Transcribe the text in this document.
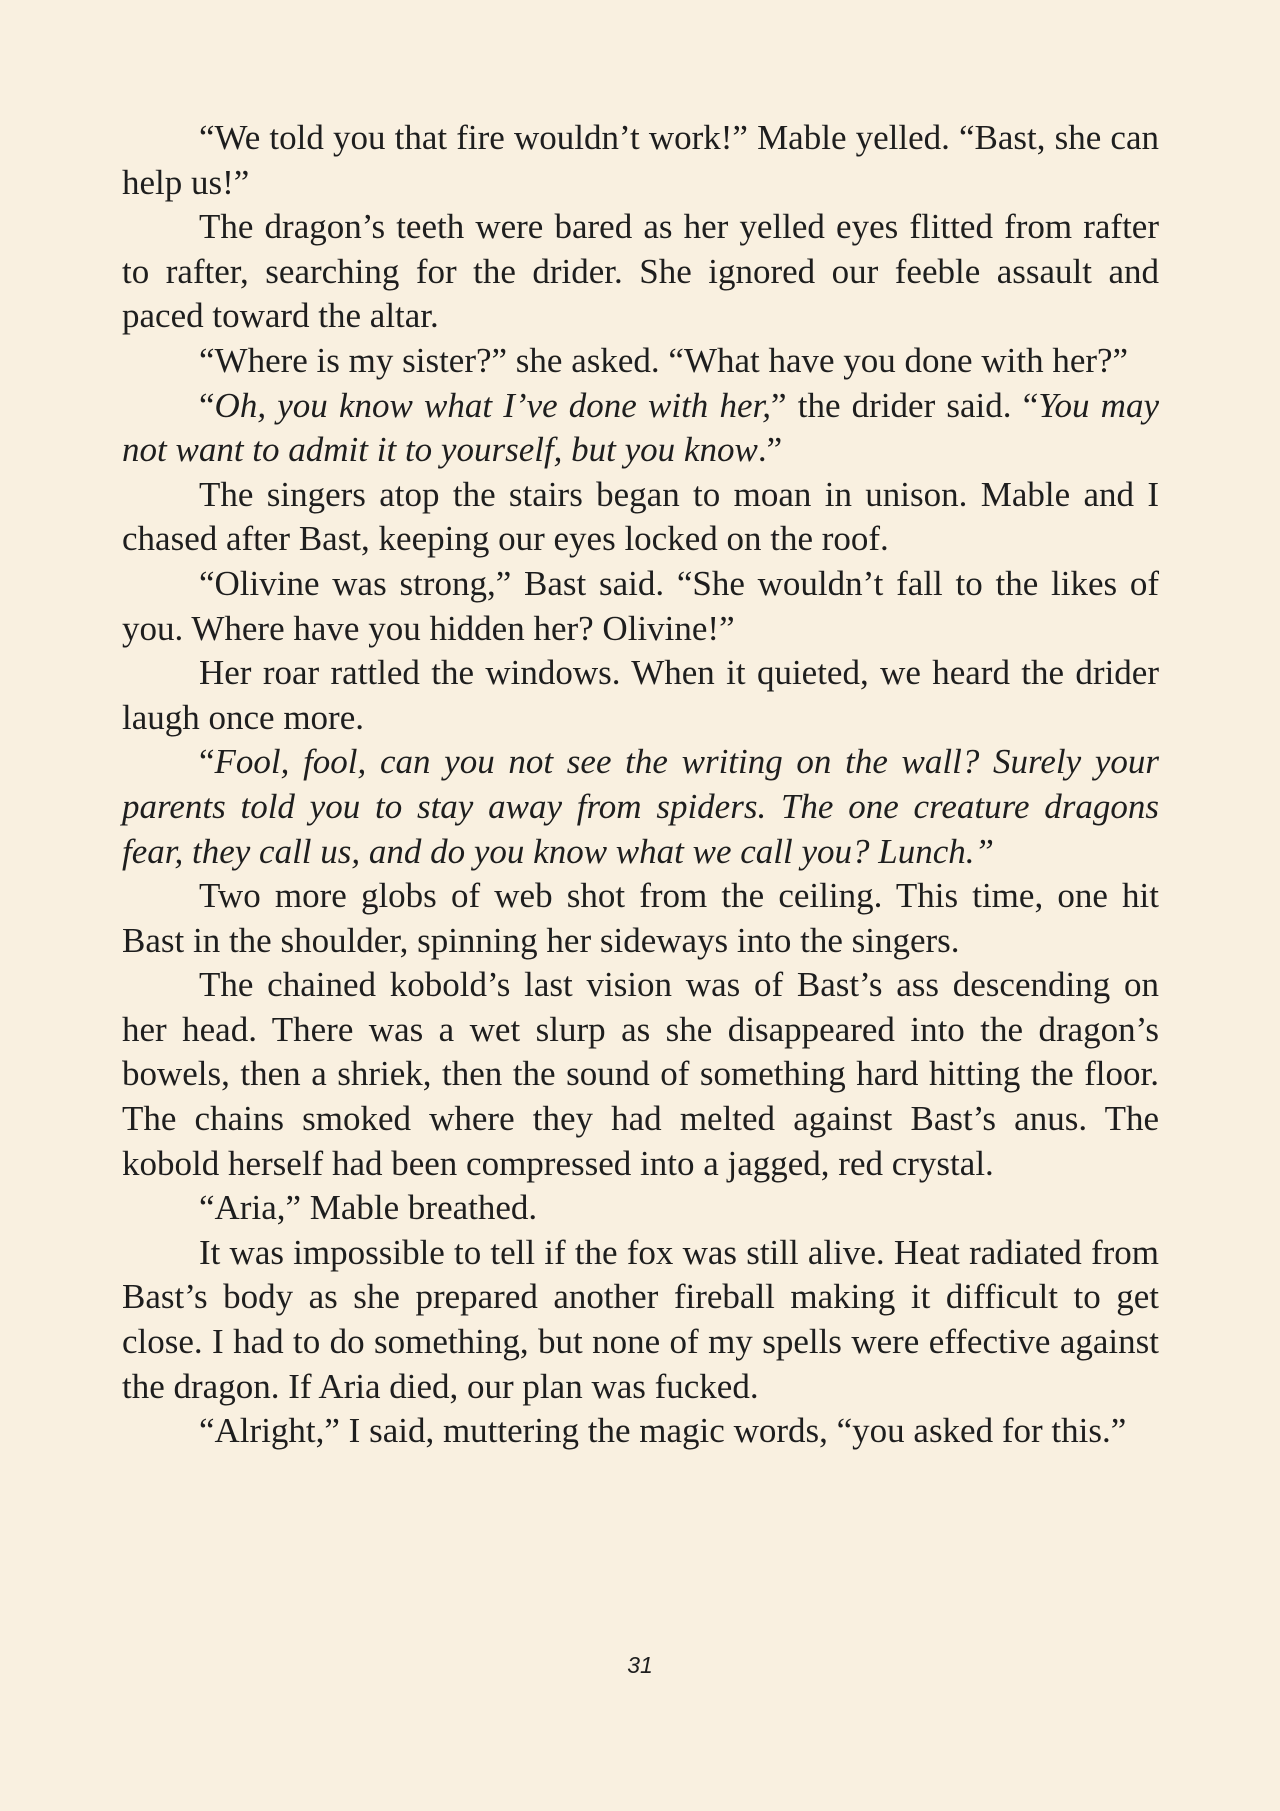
“We told you that fire wouldn’t work!” Mable yelled. “Bast, she can help us!”

The dragon’s teeth were bared as her yelled eyes flitted from rafter to rafter, searching for the drider. She ignored our feeble assault and paced toward the altar.

“Where is my sister?” she asked. “What have you done with her?”

“Oh, you know what I’ve done with her,” the drider said. “You may not want to admit it to yourself, but you know.”

The singers atop the stairs began to moan in unison. Mable and I chased after Bast, keeping our eyes locked on the roof.

“Olivine was strong,” Bast said. “She wouldn’t fall to the likes of you. Where have you hidden her? Olivine!”

Her roar rattled the windows. When it quieted, we heard the drider laugh once more.

“Fool, fool, can you not see the writing on the wall? Surely your parents told you to stay away from spiders. The one creature dragons fear, they call us, and do you know what we call you? Lunch.”

Two more globs of web shot from the ceiling. This time, one hit Bast in the shoulder, spinning her sideways into the singers.

The chained kobold’s last vision was of Bast’s ass descending on her head. There was a wet slurp as she disappeared into the dragon’s bowels, then a shriek, then the sound of something hard hitting the floor. The chains smoked where they had melted against Bast’s anus. The kobold herself had been compressed into a jagged, red crystal.

“Aria,” Mable breathed.

It was impossible to tell if the fox was still alive. Heat radiated from Bast’s body as she prepared another fireball making it difficult to get close. I had to do something, but none of my spells were effective against the dragon. If Aria died, our plan was fucked.

“Alright,” I said, muttering the magic words, “you asked for this.”

31
